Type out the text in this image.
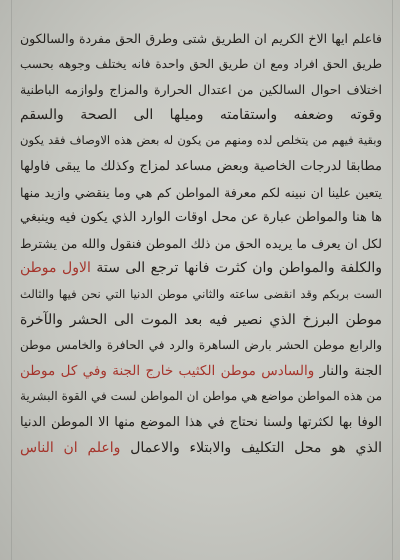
فاعلم ايها الاخ الكريم ان الطريق شتى وطرق الحق مفردة والسالكون
طريق الحق افراد ومع ان طريق الحق واحدة فانه يختلف وجوهه بحسب
اختلاف احوال السالكين من اعتدال الحرارة والمزاج ولوازمه الباطنية
وقوته وضعفه واستقامته وميلها الى الصحة والسقم
وبقية فيهم من يتخلص لده ومنهم من يكون له بعض هذه الاوصاف فقد يكون
مطابقا لدرجات الخاصية وبعض مساعد لمزاج وكذلك ما يبقى فاولها
يتعين علينا ان نبينه لكم معرفة المواطن كم هي وما ينقضي وازيد منها
ها هنا والمواطن عبارة عن محل اوقات الوارد الذي يكون فيه وينبغي
لكل ان يعرف ما يريده الحق من ذلك الموطن فنقول والله من يشترط
والكلفة والمواطن وان كثرت فانها ترجع الى ستة الاول موطن
الست بربكم وقد انقضى ساعته والثاني موطن الدنيا التي نحن فيها والثالث
موطن البرزخ الذي نصير فيه بعد الموت الى الحشر والآخرة
والرابع موطن الحشر بارض الساهرة والرد في الحافرة والخامس موطن
الجنة والنار والسادس موطن الكثيب خارج الجنة وفي كل موطن
من هذه المواطن مواضع هي مواطن ان المواطن لست في القوة البشرية
الوفا بها لكثرتها ولسنا نحتاج في هذا الموضع منها الا الموطن الدنيا
الذي هو محل التكليف والابتلاء والاعمال واعلم ان الناس
